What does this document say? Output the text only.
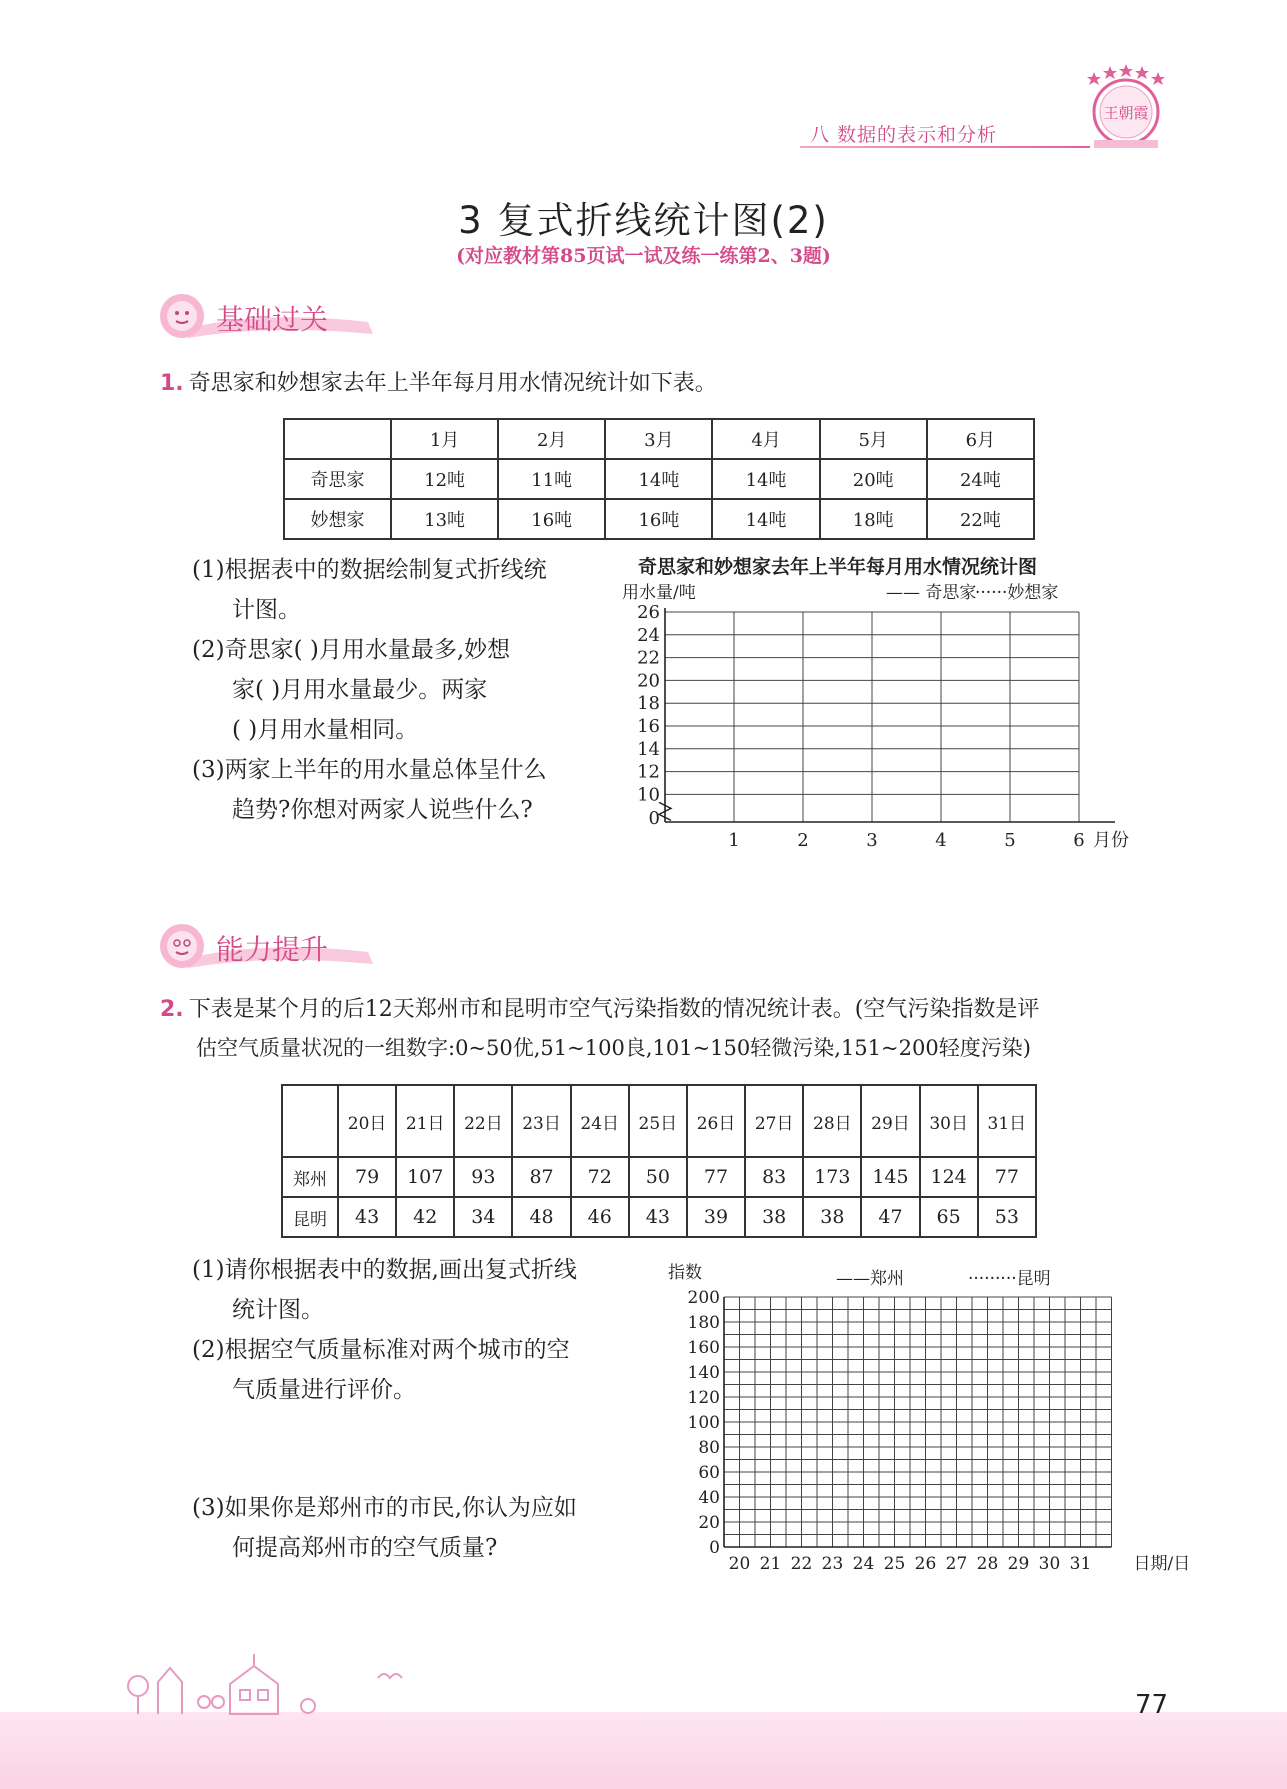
八 数据的表示和分析
王朝霞
3 复式折线统计图(2)
(对应教材第85页试一试及练一练第2、3题)
基础过关
1. 奇思家和妙想家去年上半年每月用水情况统计如下表。
	1月	2月	3月	4月	5月	6月
奇思家	12吨	11吨	14吨	14吨	20吨	24吨
妙想家	13吨	16吨	16吨	14吨	18吨	22吨
(1)根据表中的数据绘制复式折线统
计图。
(2)奇思家( )月用水量最多,妙想
家( )月用水量最少。两家
( )月用水量相同。
(3)两家上半年的用水量总体呈什么
趋势?你想对两家人说些什么?
奇思家和妙想家去年上半年每月用水情况统计图
用水量/吨	—— 奇思家
······妙想家
26
24
22
20
18
16
14
12
10
0
1	2	3	4	5	6 月份
能力提升
2. 下表是某个月的后12天郑州市和昆明市空气污染指数的情况统计表。(空气污染指数是评
估空气质量状况的一组数字:0~50优,51~100良,101~150轻微污染,151~200轻度污染)
	20日	21日	22日	23日	24日	25日	26日	27日	28日	29日	30日	31日
郑州	79	107	93	87	72	50	77	83	173	145	124	77
昆明	43	42	34	48	46	43	39	38	38	47	65	53
(1)请你根据表中的数据,画出复式折线
统计图。
(2)根据空气质量标准对两个城市的空
气质量进行评价。
(3)如果你是郑州市的市民,你认为应如
何提高郑州市的空气质量?
指数	——郑州	·········昆明
200
180
160
140
120
100
80
60
40
20
0
20 21 22 23 24 25 26 27 28 29 30 31 日期/日
77
